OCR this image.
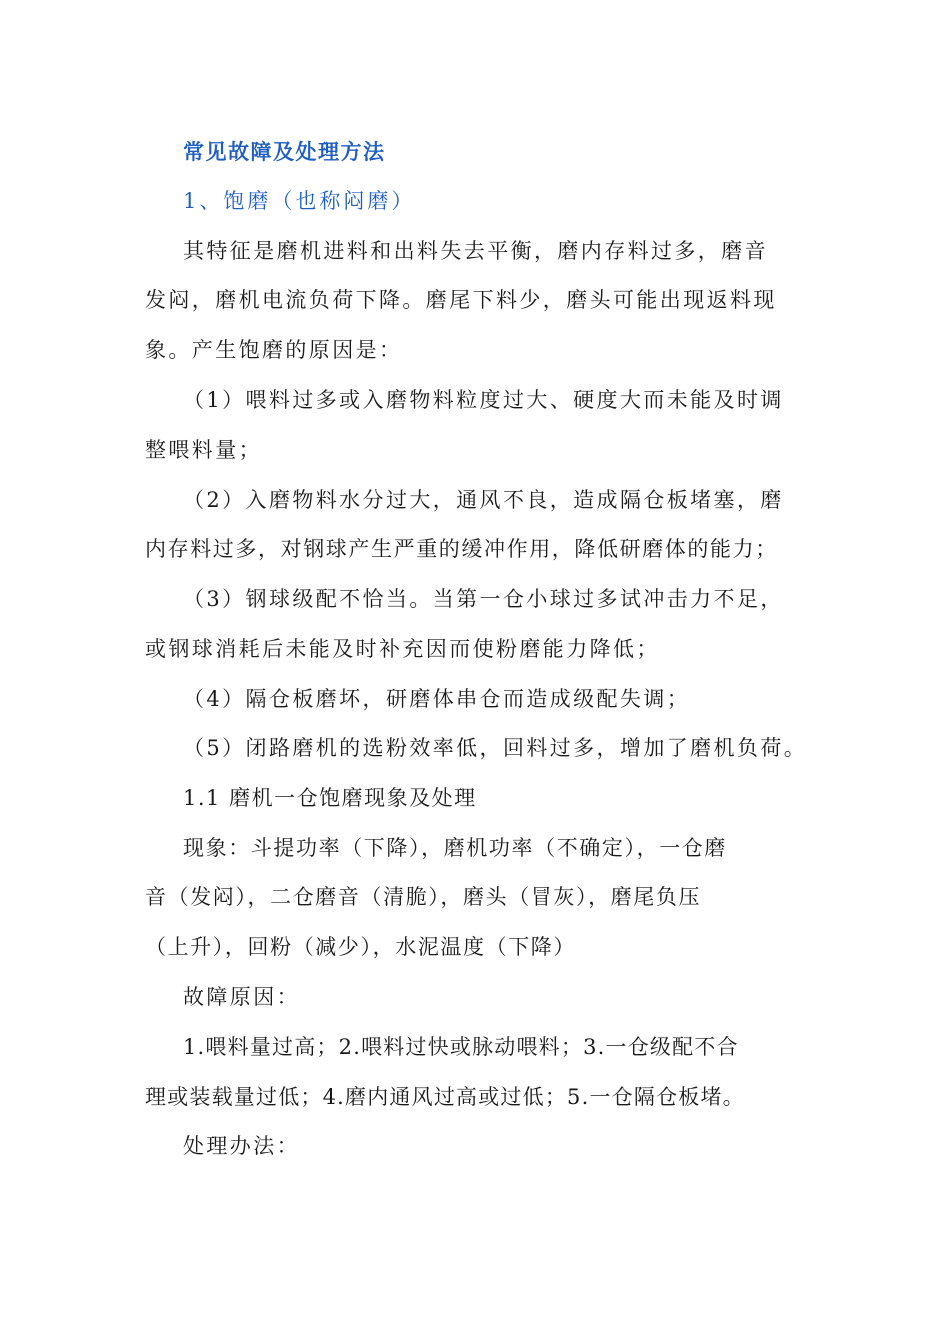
常见故障及处理方法
1、饱磨（也称闷磨）
其特征是磨机进料和出料失去平衡，磨内存料过多，磨音
发闷，磨机电流负荷下降。磨尾下料少，磨头可能出现返料现
象。产生饱磨的原因是：
（1）喂料过多或入磨物料粒度过大、硬度大而未能及时调
整喂料量；
（2）入磨物料水分过大，通风不良，造成隔仓板堵塞，磨
内存料过多，对钢球产生严重的缓冲作用，降低研磨体的能力；
（3）钢球级配不恰当。当第一仓小球过多试冲击力不足，
或钢球消耗后未能及时补充因而使粉磨能力降低；
（4）隔仓板磨坏，研磨体串仓而造成级配失调；
（5）闭路磨机的选粉效率低，回料过多，增加了磨机负荷。
1.1 磨机一仓饱磨现象及处理
现象：斗提功率（下降），磨机功率（不确定），一仓磨
音（发闷），二仓磨音（清脆），磨头（冒灰），磨尾负压
（上升），回粉（减少），水泥温度（下降）
故障原因：
1.喂料量过高；2.喂料过快或脉动喂料；3.一仓级配不合
理或装载量过低；4.磨内通风过高或过低；5.一仓隔仓板堵。
处理办法：
